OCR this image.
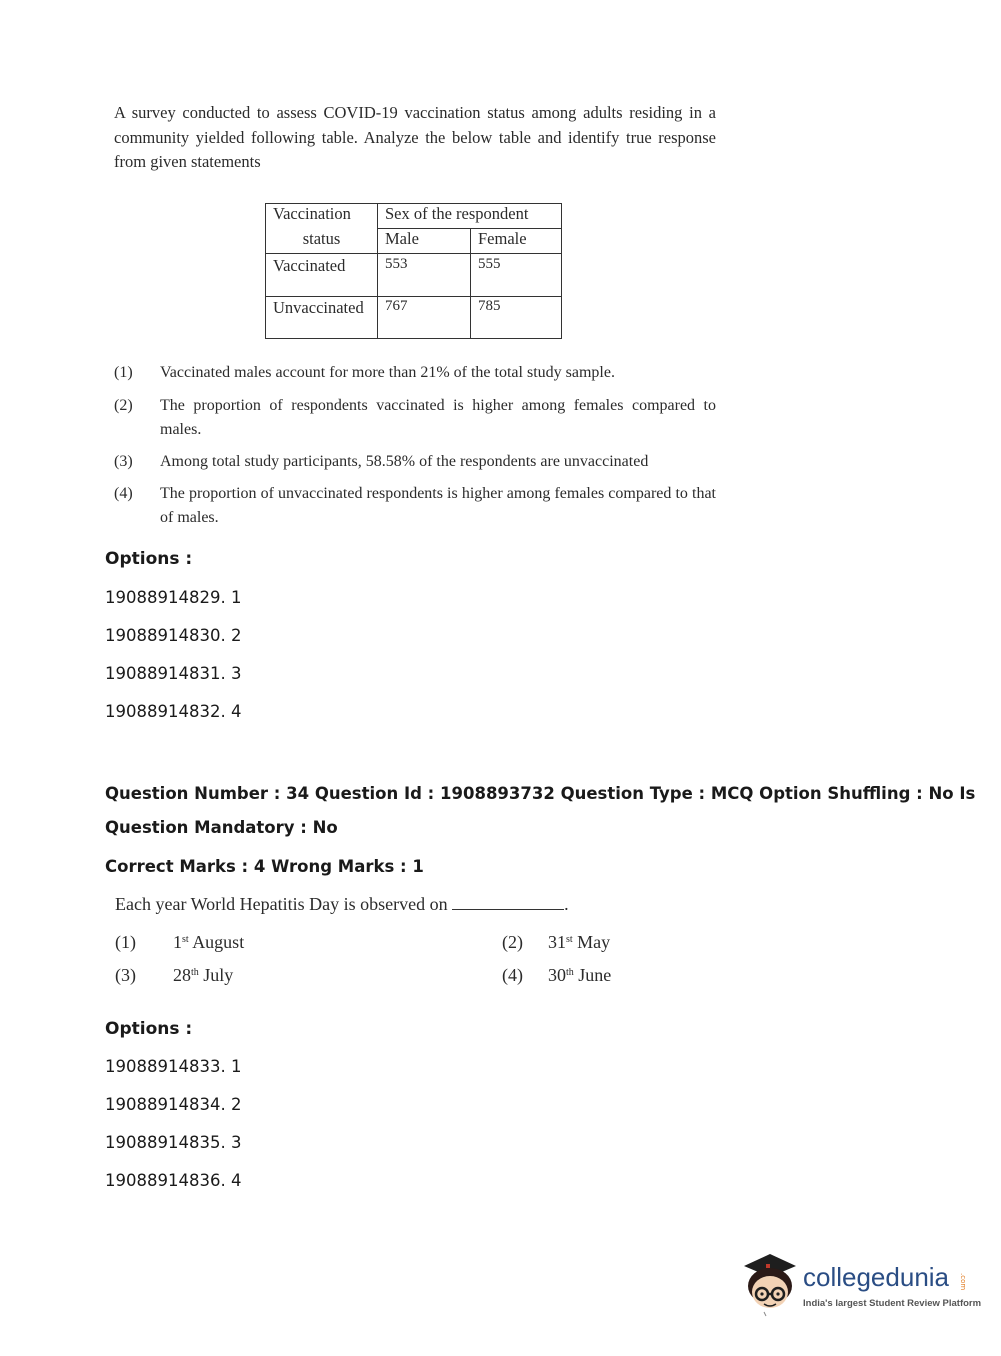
A survey conducted to assess COVID-19 vaccination status among adults residing in a community yielded following table. Analyze the below table and identify true response from given statements
Vaccination	Sex of the respondent	
status	Male	Female
Vaccinated	553	555
Unvaccinated	767	785
(1) Vaccinated males account for more than 21% of the total study sample.
(2) The proportion of respondents vaccinated is higher among females compared to males.
(3) Among total study participants, 58.58% of the respondents are unvaccinated
(4) The proportion of unvaccinated respondents is higher among females compared to that of males.
Options :
19088914829. 1
19088914830. 2
19088914831. 3
19088914832. 4
Question Number : 34 Question Id : 1908893732 Question Type : MCQ Option Shuffling : No Is
Question Mandatory : No
Correct Marks : 4 Wrong Marks : 1
Each year World Hepatitis Day is observed on	.
(1) 1st August	(2) 31st May
(3) 28th July	(4) 30th June
Options :
19088914833. 1
19088914834. 2
19088914835. 3
19088914836. 4
collegedunia .com
India's largest Student Review Platform
